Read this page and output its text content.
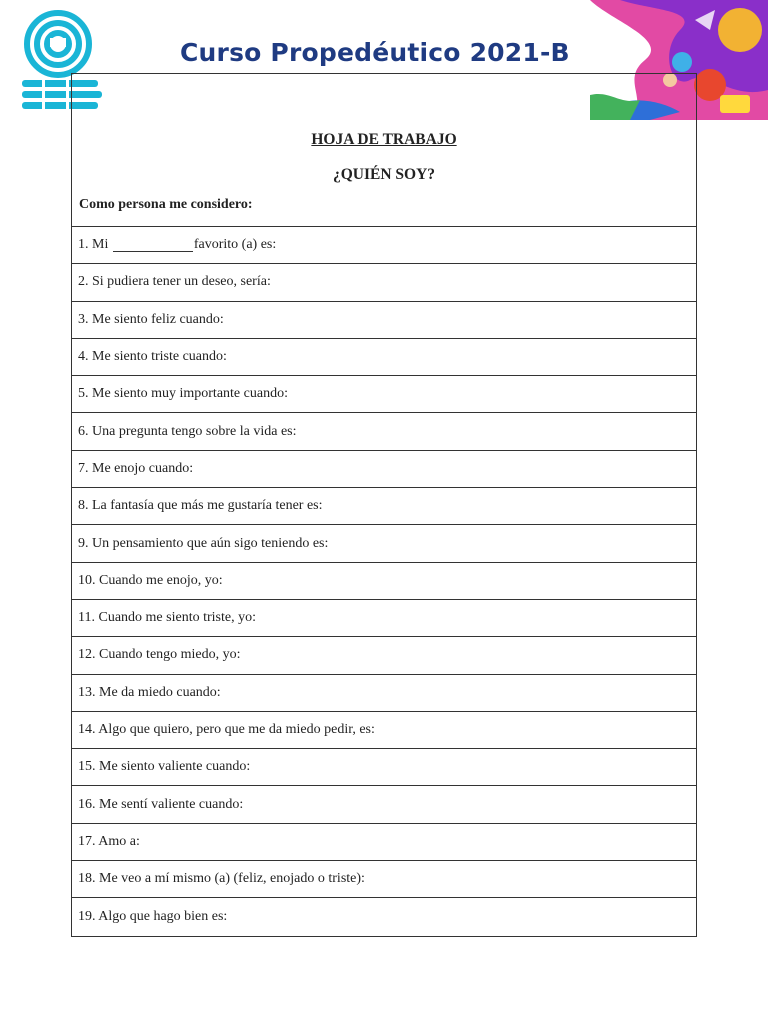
Curso Propedéutico 2021-B
HOJA DE TRABAJO
¿QUIÉN SOY?
Como persona me considero:
1. Mi
	favorito (a) es:
2. Si pudiera tener un deseo, sería:
3. Me siento feliz cuando:
4. Me siento triste cuando:
5. Me siento muy importante cuando:
6. Una pregunta tengo sobre la vida es:
7. Me enojo cuando:
8. La fantasía que más me gustaría tener es:
9. Un pensamiento que aún sigo teniendo es:
10. Cuando me enojo, yo:
11. Cuando me siento triste, yo:
12. Cuando tengo miedo, yo:
13. Me da miedo cuando:
14. Algo que quiero, pero que me da miedo pedir, es:
15. Me siento valiente cuando:
16. Me sentí valiente cuando:
17. Amo a:
18. Me veo a mí mismo (a) (feliz, enojado o triste):
19. Algo que hago bien es:
